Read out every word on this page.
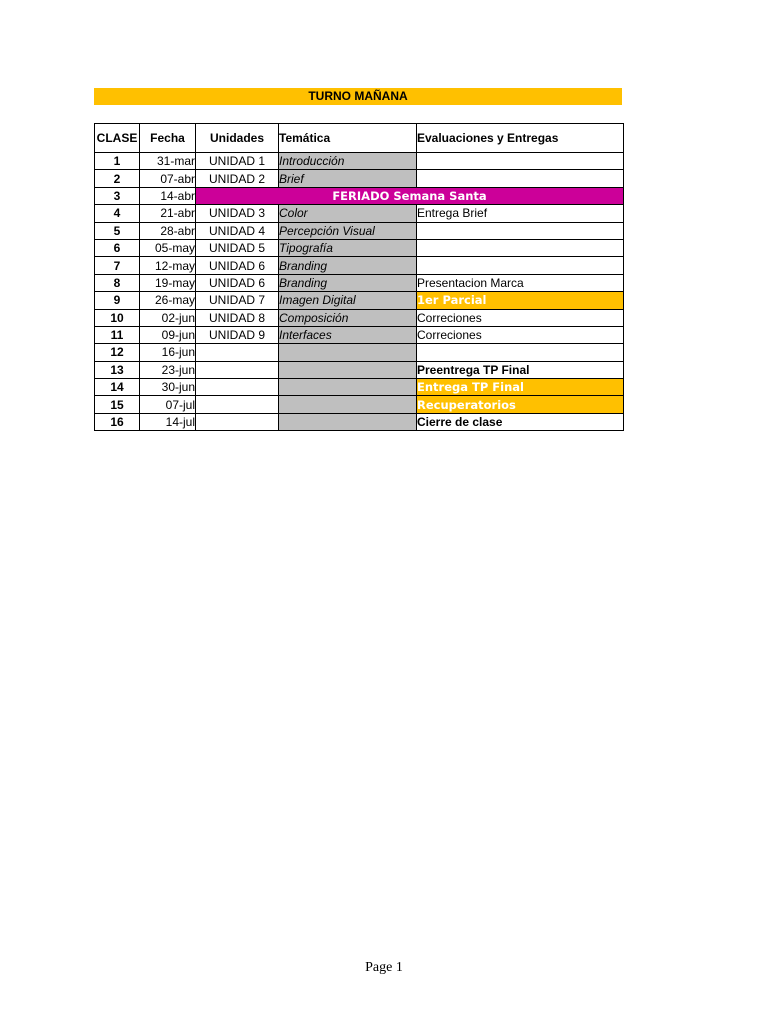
TURNO MAÑANA
CLASE	Fecha	Unidades	Temática	Evaluaciones y Entregas
1	31-mar	UNIDAD 1	Introducción	
2	07-abr	UNIDAD 2	Brief	
3	14-abr	FERIADO Semana Santa		
4	21-abr	UNIDAD 3	Color	Entrega Brief
5	28-abr	UNIDAD 4	Percepción Visual	
6	05-may	UNIDAD 5	Tipografía	
7	12-may	UNIDAD 6	Branding	
8	19-may	UNIDAD 6	Branding	Presentacion Marca
9	26-may	UNIDAD 7	Imagen Digital	1er Parcial
10	02-jun	UNIDAD 8	Composición	Correciones
11	09-jun	UNIDAD 9	Interfaces	Correciones
12	16-jun			
13	23-jun			Preentrega TP Final
14	30-jun			Entrega TP Final
15	07-jul			Recuperatorios
16	14-jul			Cierre de clase
Page 1
